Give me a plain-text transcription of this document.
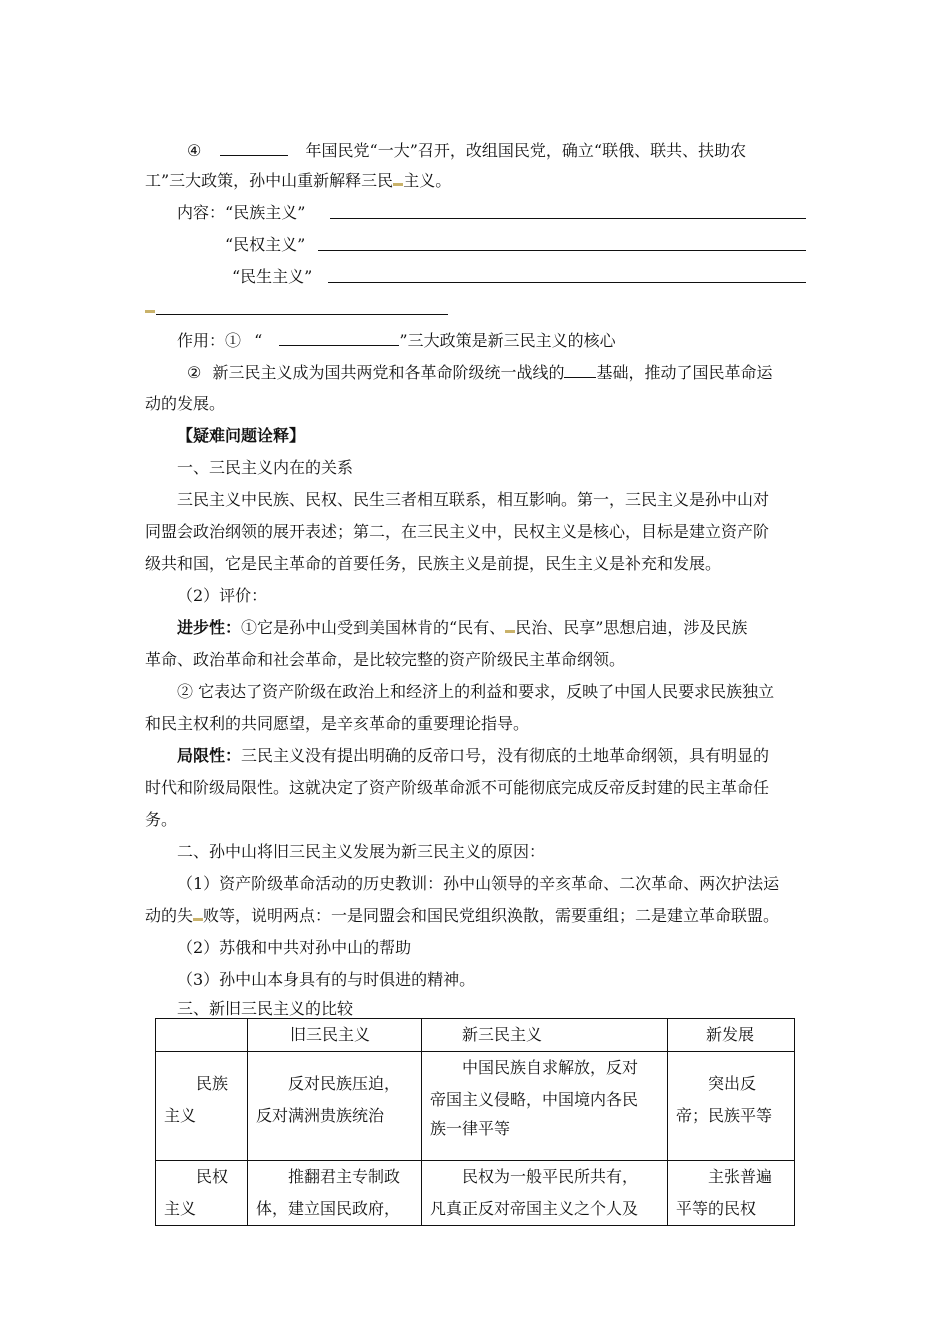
④	年国民党“一大”召开，改组国民党，确立“联俄、联共、扶助农
工”三大政策，孙中山重新解释三民 主义。
内容：“民族主义”
“民权主义”
“民生主义”
作用：① “	”三大政策是新三民主义的核心
② 新三民主义成为国共两党和各革命阶级统一战线的 基础，推动了国民革命运
动的发展。
【疑难问题诠释】
一、三民主义内在的关系
三民主义中民族、民权、民生三者相互联系，相互影响。第一，三民主义是孙中山对
同盟会政治纲领的展开表述；第二，在三民主义中，民权主义是核心，目标是建立资产阶
级共和国，它是民主革命的首要任务，民族主义是前提，民生主义是补充和发展。
（2）评价：
进步性：①它是孙中山受到美国林肯的“民有、 民治、民享”思想启迪，涉及民族
革命、政治革命和社会革命，是比较完整的资产阶级民主革命纲领。
② 它表达了资产阶级在政治上和经济上的利益和要求，反映了中国人民要求民族独立
和民主权利的共同愿望，是辛亥革命的重要理论指导。
局限性：三民主义没有提出明确的反帝口号，没有彻底的土地革命纲领，具有明显的
时代和阶级局限性。这就决定了资产阶级革命派不可能彻底完成反帝反封建的民主革命任
务。
二、孙中山将旧三民主义发展为新三民主义的原因：
（1）资产阶级革命活动的历史教训：孙中山领导的辛亥革命、二次革命、两次护法运
动的失 败等，说明两点：一是同盟会和国民党组织涣散，需要重组；二是建立革命联盟。
（2）苏俄和中共对孙中山的帮助
（3）孙中山本身具有的与时俱进的精神。
三、新旧三民主义的比较
	旧三民主义	新三民主义	新发展

民族
主义	反对民族压迫，
反对满洲贵族统治	中国民族自求解放，反对
帝国主义侵略，中国境内各民
族一律平等	突出反
帝；民族平等

民权
主义	推翻君主专制政
体，建立国民政府，	民权为一般平民所共有，
凡真正反对帝国主义之个人及	主张普遍
平等的民权
